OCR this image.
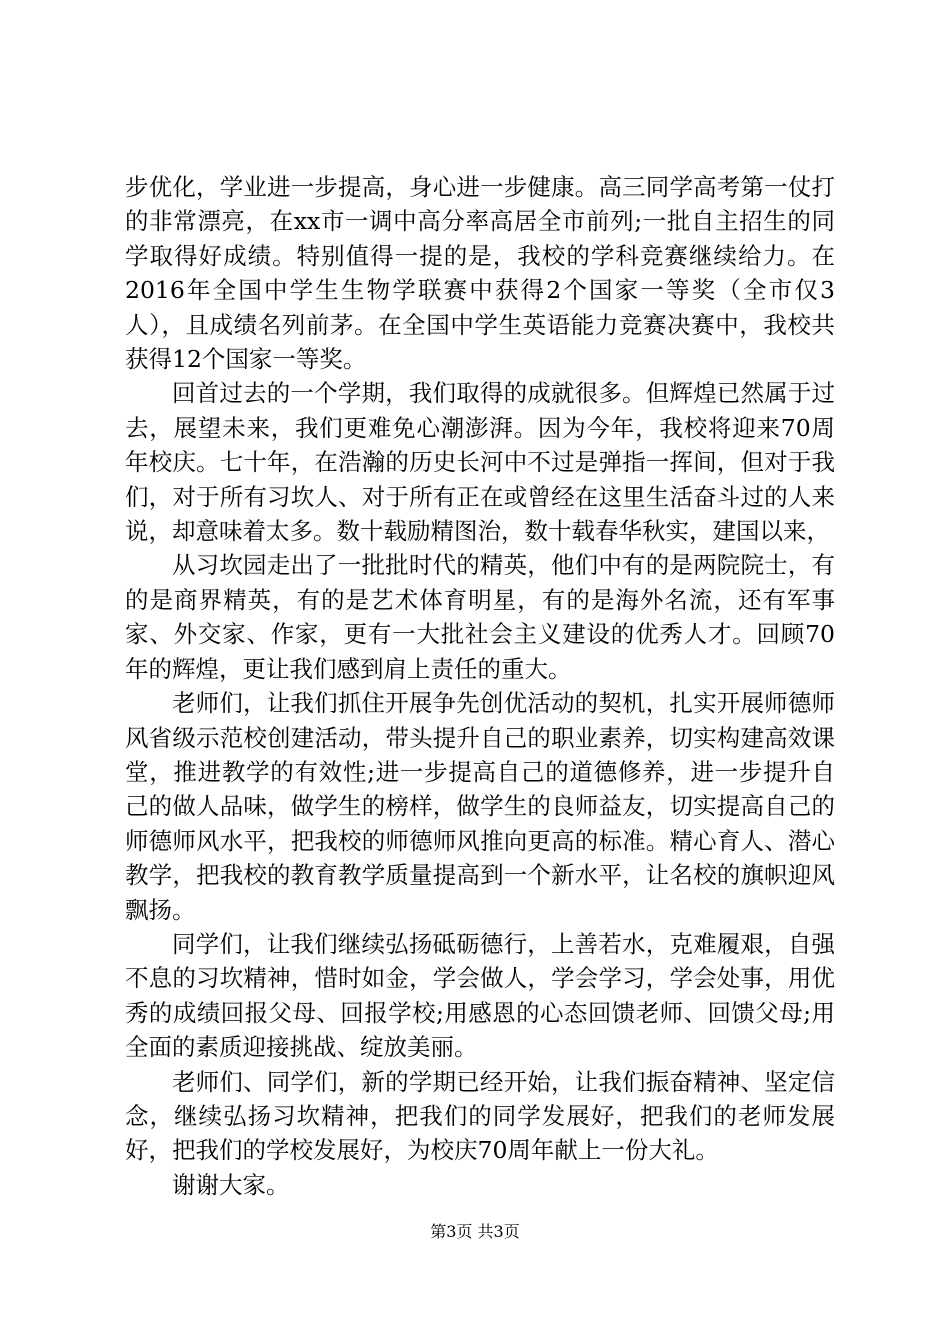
步优化，学业进一步提高，身心进一步健康。高三同学高考第一仗打的非常漂亮，在xx市一调中高分率高居全市前列;一批自主招生的同学取得好成绩。特别值得一提的是，我校的学科竞赛继续给力。在2016年全国中学生生物学联赛中获得2个国家一等奖（全市仅3人），且成绩名列前茅。在全国中学生英语能力竞赛决赛中，我校共获得12个国家一等奖。

回首过去的一个学期，我们取得的成就很多。但辉煌已然属于过去，展望未来，我们更难免心潮澎湃。因为今年，我校将迎来70周年校庆。七十年，在浩瀚的历史长河中不过是弹指一挥间，但对于我们，对于所有习坎人、对于所有正在或曾经在这里生活奋斗过的人来说，却意味着太多。数十载励精图治，数十载春华秋实，建国以来，

从习坎园走出了一批批时代的精英，他们中有的是两院院士，有的是商界精英，有的是艺术体育明星，有的是海外名流，还有军事家、外交家、作家，更有一大批社会主义建设的优秀人才。回顾70年的辉煌，更让我们感到肩上责任的重大。

老师们，让我们抓住开展争先创优活动的契机，扎实开展师德师风省级示范校创建活动，带头提升自己的职业素养，切实构建高效课堂，推进教学的有效性;进一步提高自己的道德修养，进一步提升自己的做人品味，做学生的榜样，做学生的良师益友，切实提高自己的师德师风水平，把我校的师德师风推向更高的标准。精心育人、潜心教学，把我校的教育教学质量提高到一个新水平，让名校的旗帜迎风飘扬。

同学们，让我们继续弘扬砥砺德行，上善若水，克难履艰，自强不息的习坎精神，惜时如金，学会做人，学会学习，学会处事，用优秀的成绩回报父母、回报学校;用感恩的心态回馈老师、回馈父母;用全面的素质迎接挑战、绽放美丽。

老师们、同学们，新的学期已经开始，让我们振奋精神、坚定信念，继续弘扬习坎精神，把我们的同学发展好，把我们的老师发展好，把我们的学校发展好，为校庆70周年献上一份大礼。

谢谢大家。

第3页 共3页
